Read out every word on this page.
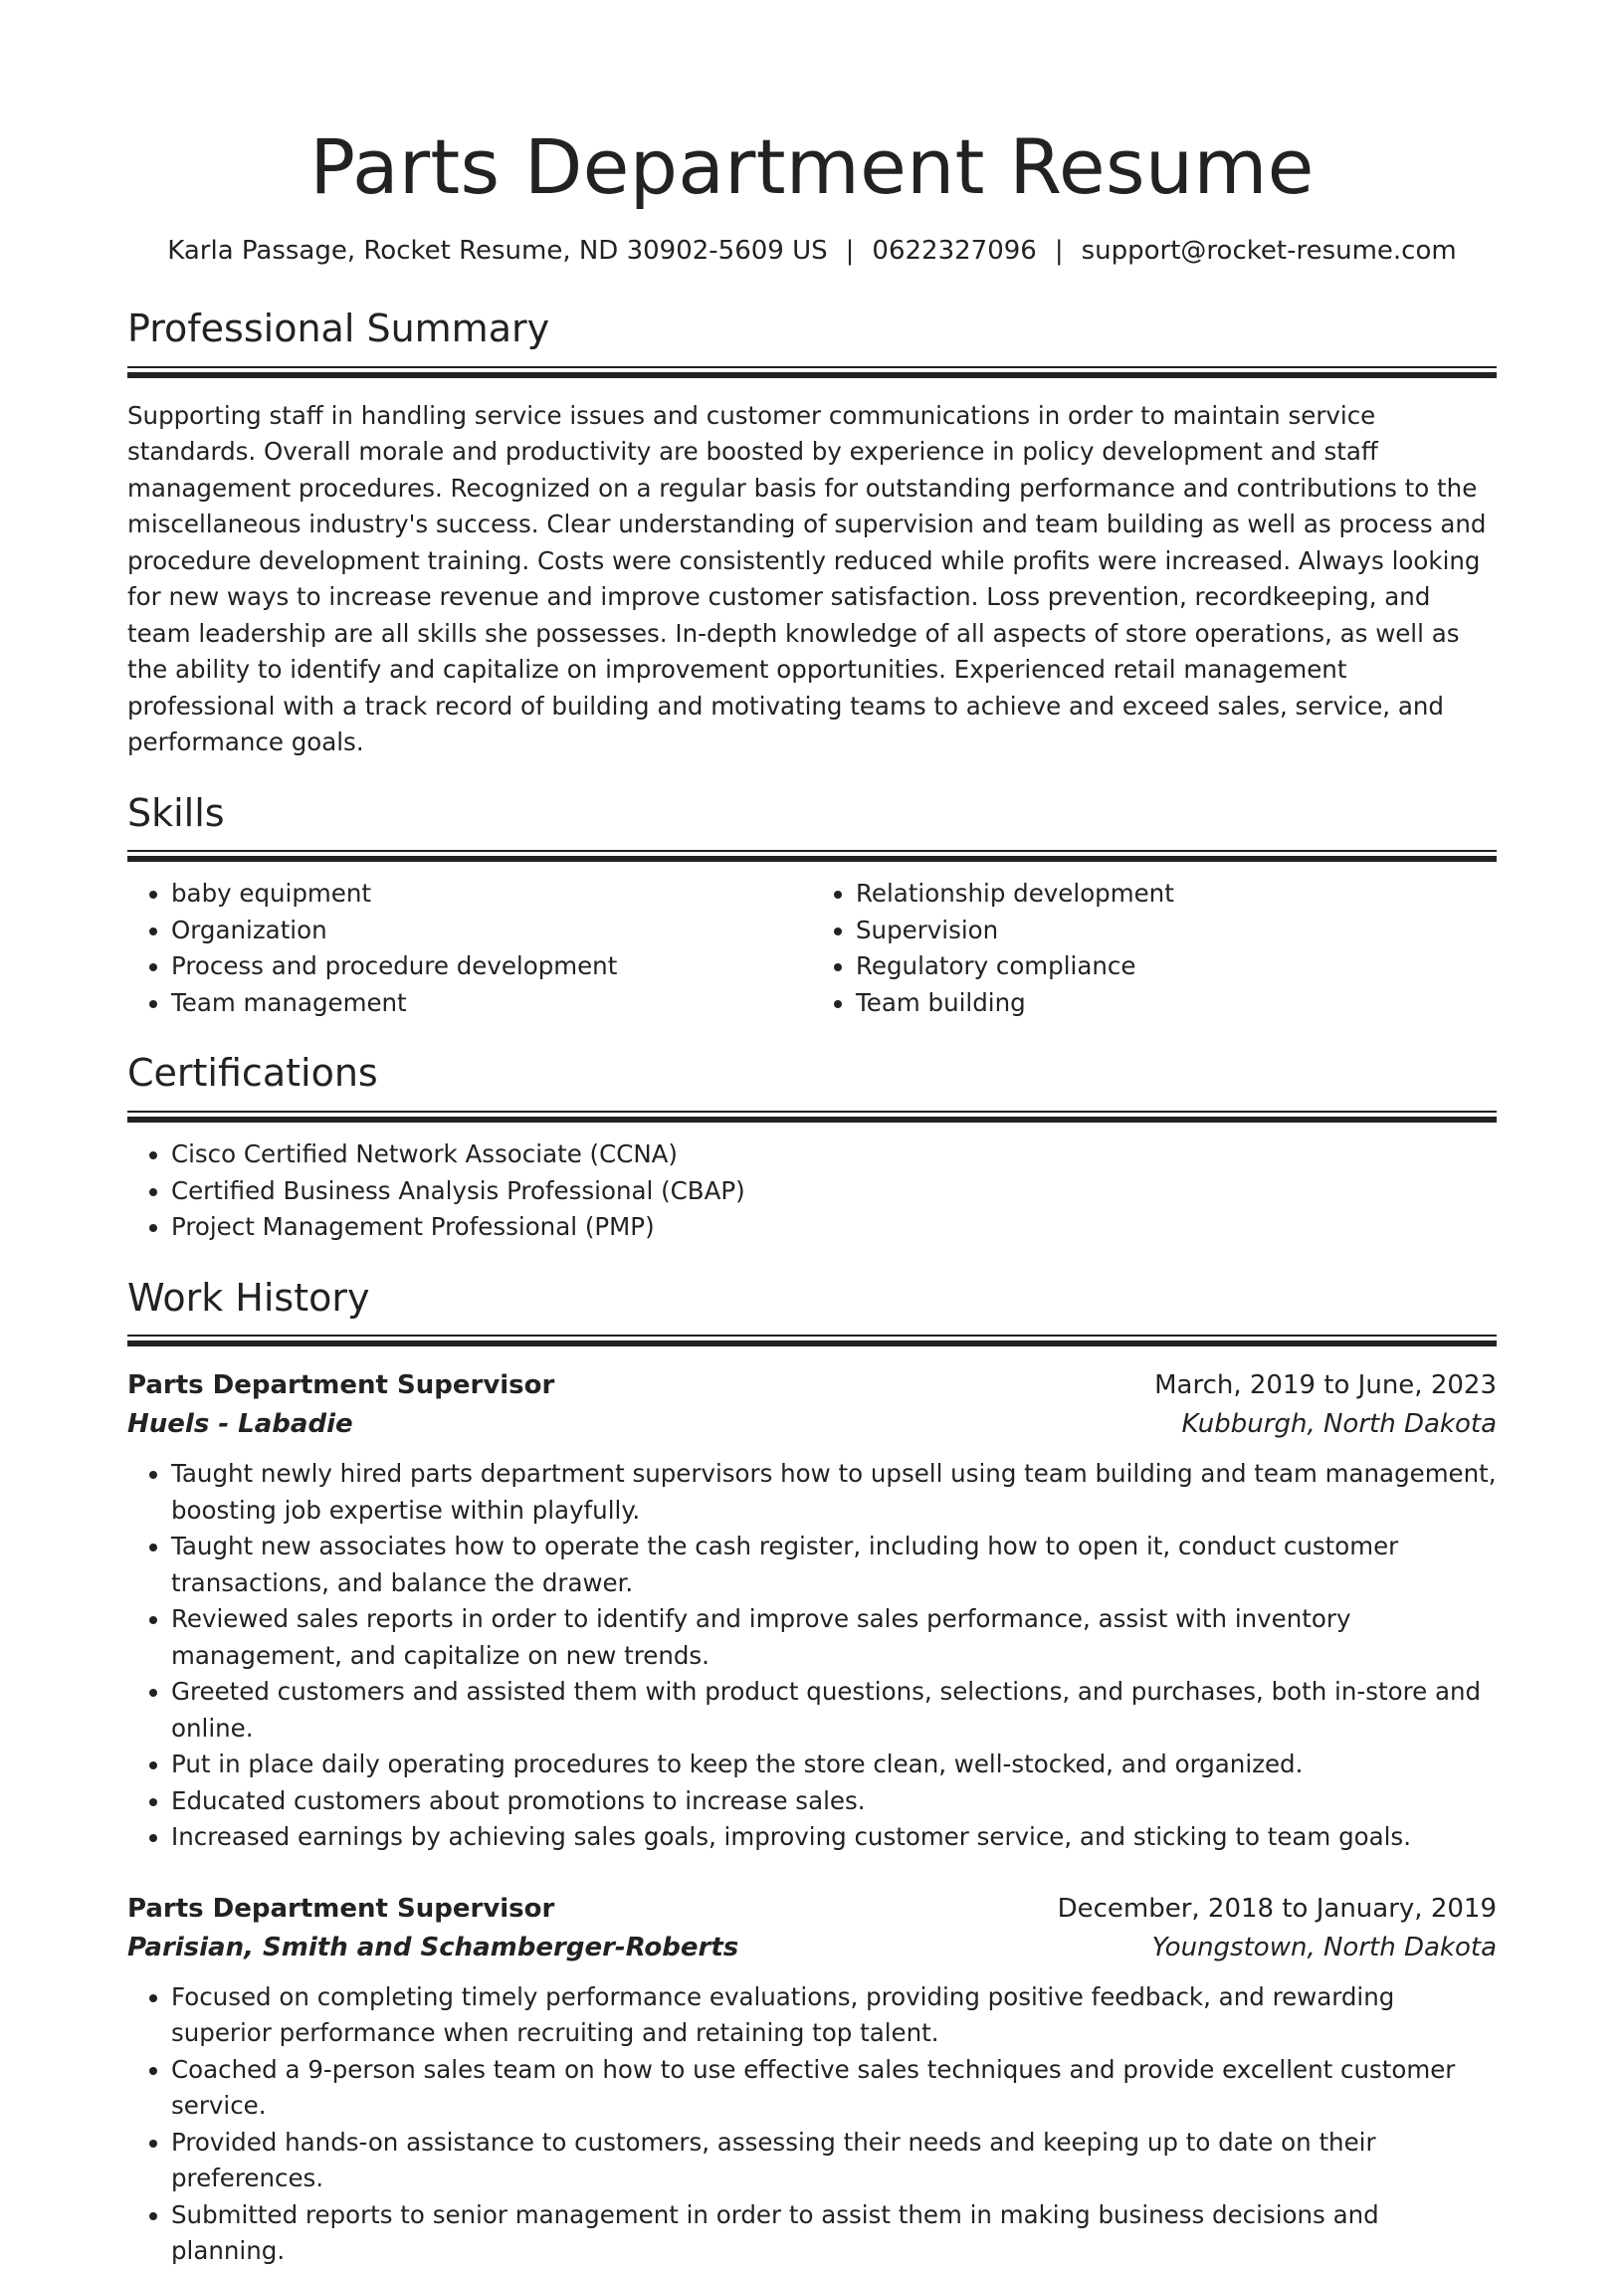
Parts Department Resume
Karla Passage, Rocket Resume, ND 30902-5609 US | 0622327096 | support@rocket-resume.com
Professional Summary
Supporting staff in handling service issues and customer communications in order to maintain service standards. Overall morale and productivity are boosted by experience in policy development and staff management procedures. Recognized on a regular basis for outstanding performance and contributions to the miscellaneous industry's success. Clear understanding of supervision and team building as well as process and procedure development training. Costs were consistently reduced while profits were increased. Always looking for new ways to increase revenue and improve customer satisfaction. Loss prevention, recordkeeping, and team leadership are all skills she possesses. In-depth knowledge of all aspects of store operations, as well as the ability to identify and capitalize on improvement opportunities. Experienced retail management professional with a track record of building and motivating teams to achieve and exceed sales, service, and performance goals.
Skills
• baby equipment
• Organization
• Process and procedure development
• Team management
• Relationship development
• Supervision
• Regulatory compliance
• Team building
Certifications
• Cisco Certified Network Associate (CCNA)
• Certified Business Analysis Professional (CBAP)
• Project Management Professional (PMP)
Work History
Parts Department Supervisor	March, 2019 to June, 2023
Huels - Labadie	Kubburgh, North Dakota
• Taught newly hired parts department supervisors how to upsell using team building and team management, boosting job expertise within playfully.
• Taught new associates how to operate the cash register, including how to open it, conduct customer transactions, and balance the drawer.
• Reviewed sales reports in order to identify and improve sales performance, assist with inventory management, and capitalize on new trends.
• Greeted customers and assisted them with product questions, selections, and purchases, both in-store and online.
• Put in place daily operating procedures to keep the store clean, well-stocked, and organized.
• Educated customers about promotions to increase sales.
• Increased earnings by achieving sales goals, improving customer service, and sticking to team goals.
Parts Department Supervisor	December, 2018 to January, 2019
Parisian, Smith and Schamberger-Roberts	Youngstown, North Dakota
• Focused on completing timely performance evaluations, providing positive feedback, and rewarding superior performance when recruiting and retaining top talent.
• Coached a 9-person sales team on how to use effective sales techniques and provide excellent customer service.
• Provided hands-on assistance to customers, assessing their needs and keeping up to date on their preferences.
• Submitted reports to senior management in order to assist them in making business decisions and planning.
